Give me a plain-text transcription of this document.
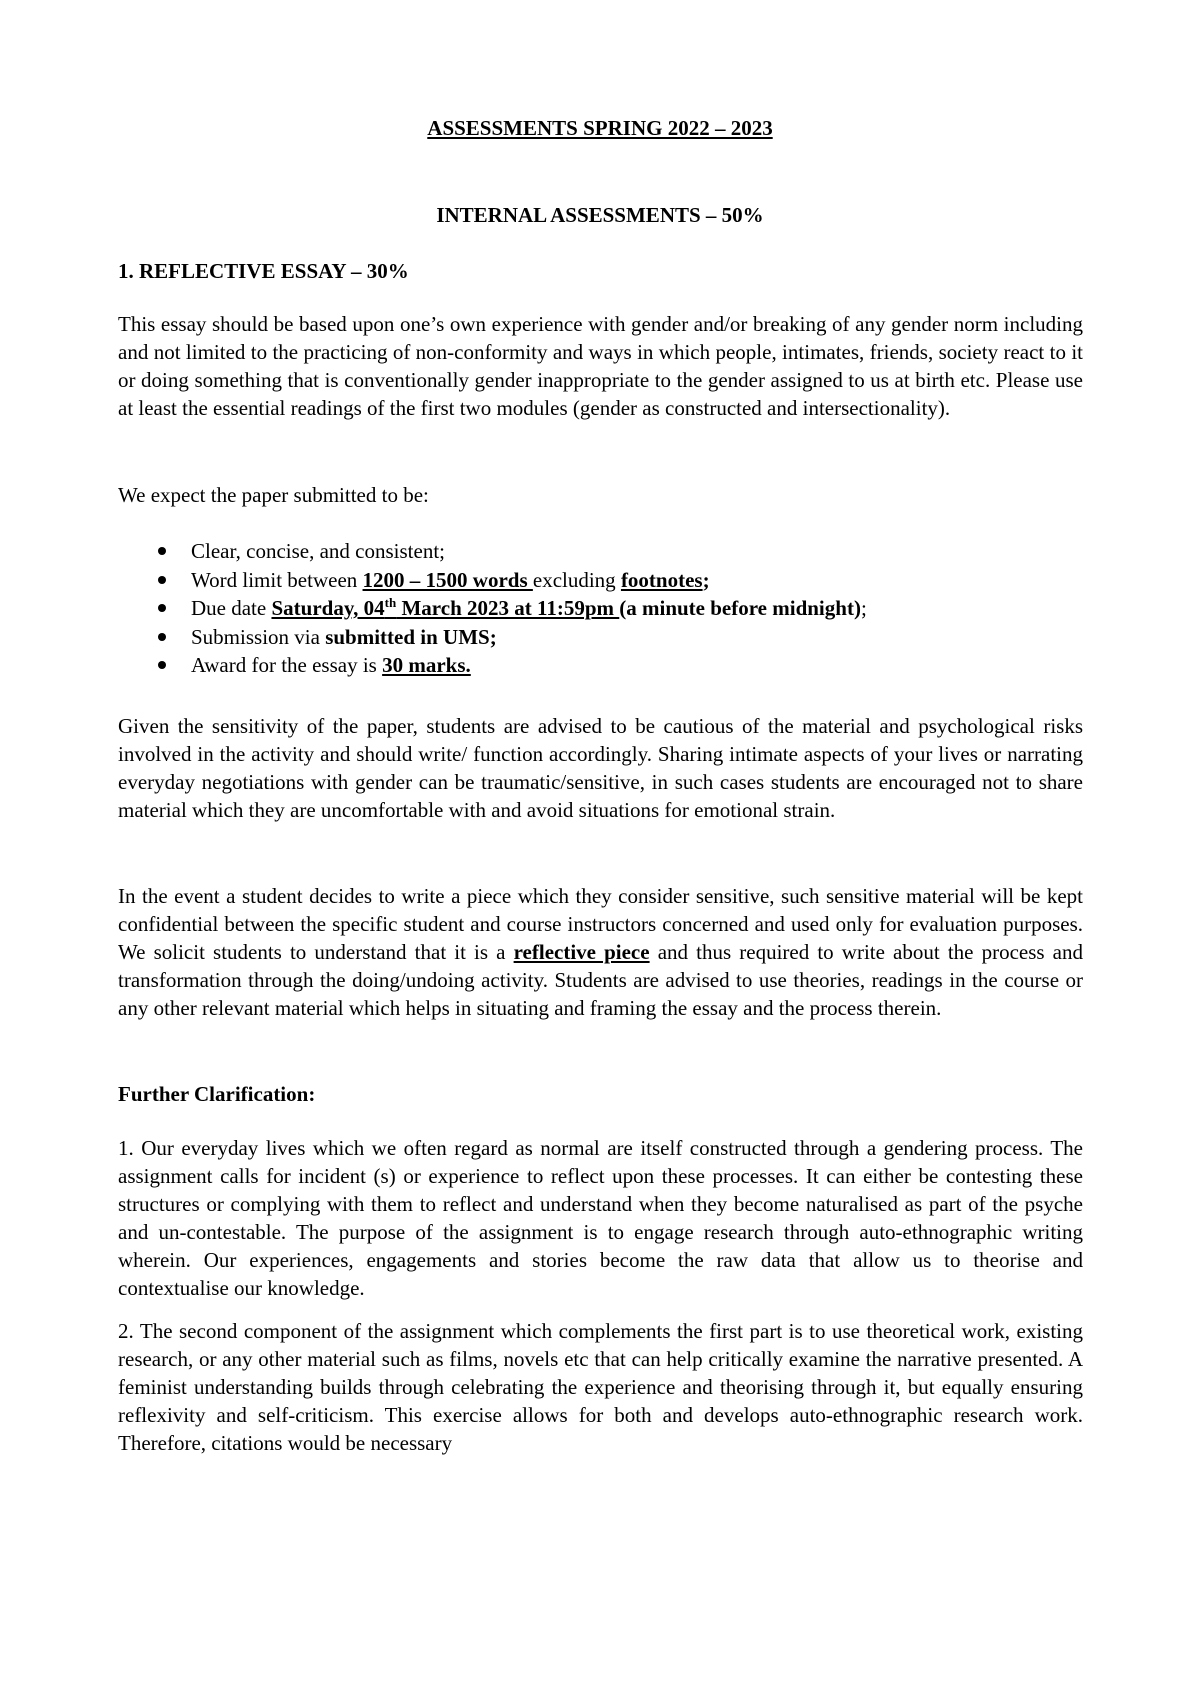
ASSESSMENTS SPRING 2022 – 2023
INTERNAL ASSESSMENTS – 50%
1. REFLECTIVE ESSAY – 30%

This essay should be based upon one’s own experience with gender and/or breaking of any gender norm including and not limited to the practicing of non-conformity and ways in which people, intimates, friends, society react to it or doing something that is conventionally gender inappropriate to the gender assigned to us at birth etc. Please use at least the essential readings of the first two modules (gender as constructed and intersectionality).

We expect the paper submitted to be:
Clear, concise, and consistent;
Word limit between 1200 – 1500 words excluding footnotes;
Due date Saturday, 04th March 2023 at 11:59pm (a minute before midnight);
Submission via submitted in UMS;
Award for the essay is 30 marks.

Given the sensitivity of the paper, students are advised to be cautious of the material and psychological risks involved in the activity and should write/ function accordingly. Sharing intimate aspects of your lives or narrating everyday negotiations with gender can be traumatic/sensitive, in such cases students are encouraged not to share material which they are uncomfortable with and avoid situations for emotional strain.

In the event a student decides to write a piece which they consider sensitive, such sensitive material will be kept confidential between the specific student and course instructors concerned and used only for evaluation purposes. We solicit students to understand that it is a reflective piece and thus required to write about the process and transformation through the doing/undoing activity. Students are advised to use theories, readings in the course or any other relevant material which helps in situating and framing the essay and the process therein.

Further Clarification:

1. Our everyday lives which we often regard as normal are itself constructed through a gendering process. The assignment calls for incident (s) or experience to reflect upon these processes. It can either be contesting these structures or complying with them to reflect and understand when they become naturalised as part of the psyche and un-contestable. The purpose of the assignment is to engage research through auto-ethnographic writing wherein. Our experiences, engagements and stories become the raw data that allow us to theorise and contextualise our knowledge.

2. The second component of the assignment which complements the first part is to use theoretical work, existing research, or any other material such as films, novels etc that can help critically examine the narrative presented. A feminist understanding builds through celebrating the experience and theorising through it, but equally ensuring reflexivity and self-criticism. This exercise allows for both and develops auto-ethnographic research work. Therefore, citations would be necessary
